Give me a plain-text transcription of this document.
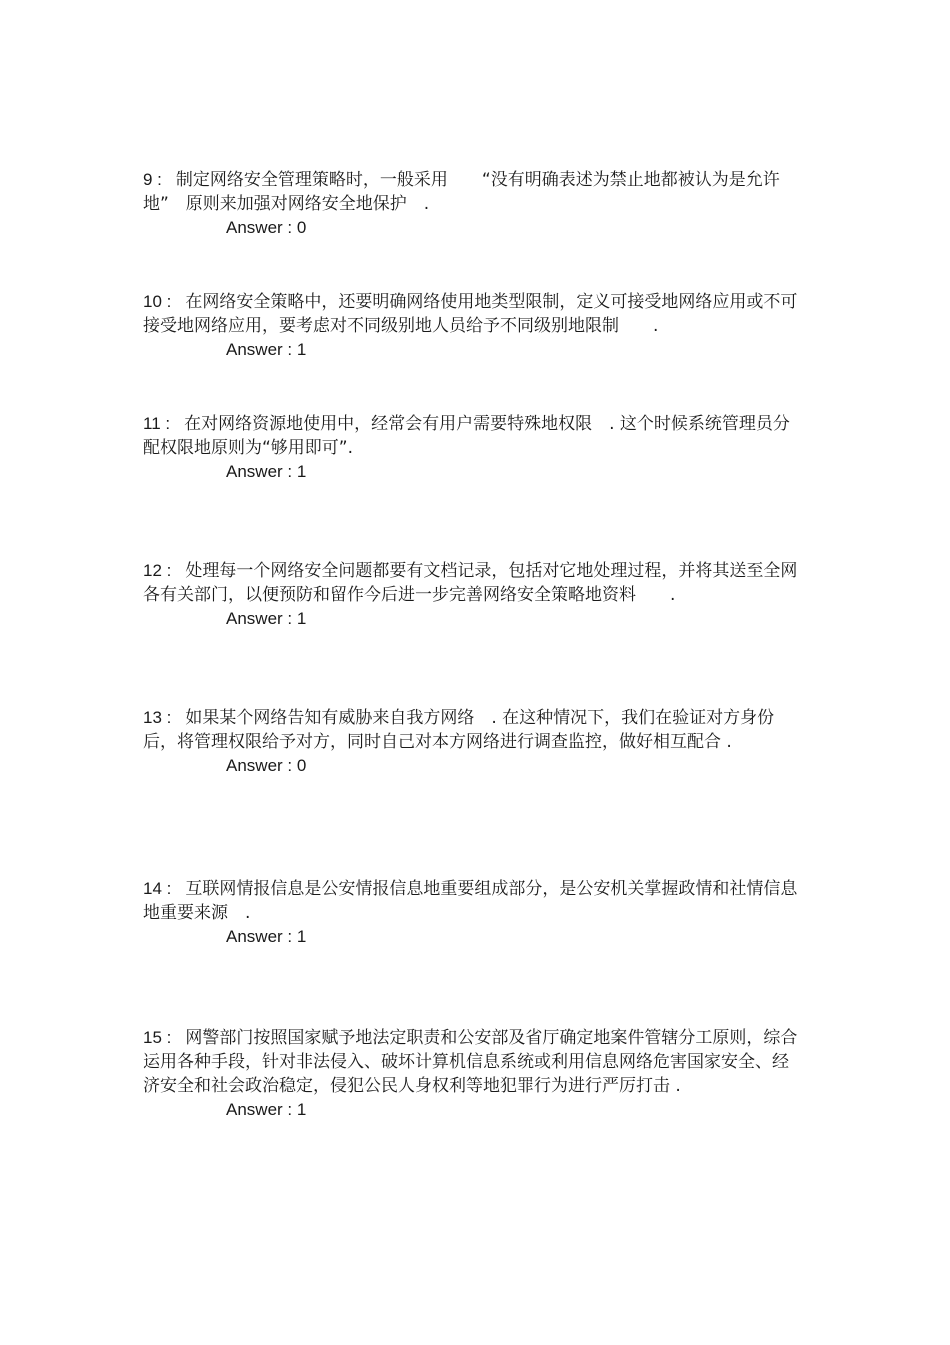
9 : 制定网络安全管理策略时，一般采用　　“没有明确表述为禁止地都被认为是允许地”　原则来加强对网络安全地保护　.

Answer : 0

10 : 在网络安全策略中，还要明确网络使用地类型限制，定义可接受地网络应用或不可接受地网络应用，要考虑对不同级别地人员给予不同级别地限制　　.

Answer : 1

11 : 在对网络资源地使用中，经常会有用户需要特殊地权限　. 这个时候系统管理员分配权限地原则为“够用即可”.

Answer : 1

12 : 处理每一个网络安全问题都要有文档记录，包括对它地处理过程，并将其送至全网各有关部门，以便预防和留作今后进一步完善网络安全策略地资料　　.

Answer : 1

13 : 如果某个网络告知有威胁来自我方网络　. 在这种情况下，我们在验证对方身份后，将管理权限给予对方，同时自己对本方网络进行调查监控，做好相互配合 .

Answer : 0

14 : 互联网情报信息是公安情报信息地重要组成部分，是公安机关掌握政情和社情信息地重要来源　.

Answer : 1

15 : 网警部门按照国家赋予地法定职责和公安部及省厅确定地案件管辖分工原则，综合运用各种手段，针对非法侵入、破坏计算机信息系统或利用信息网络危害国家安全、经济安全和社会政治稳定，侵犯公民人身权利等地犯罪行为进行严厉打击 .

Answer : 1
